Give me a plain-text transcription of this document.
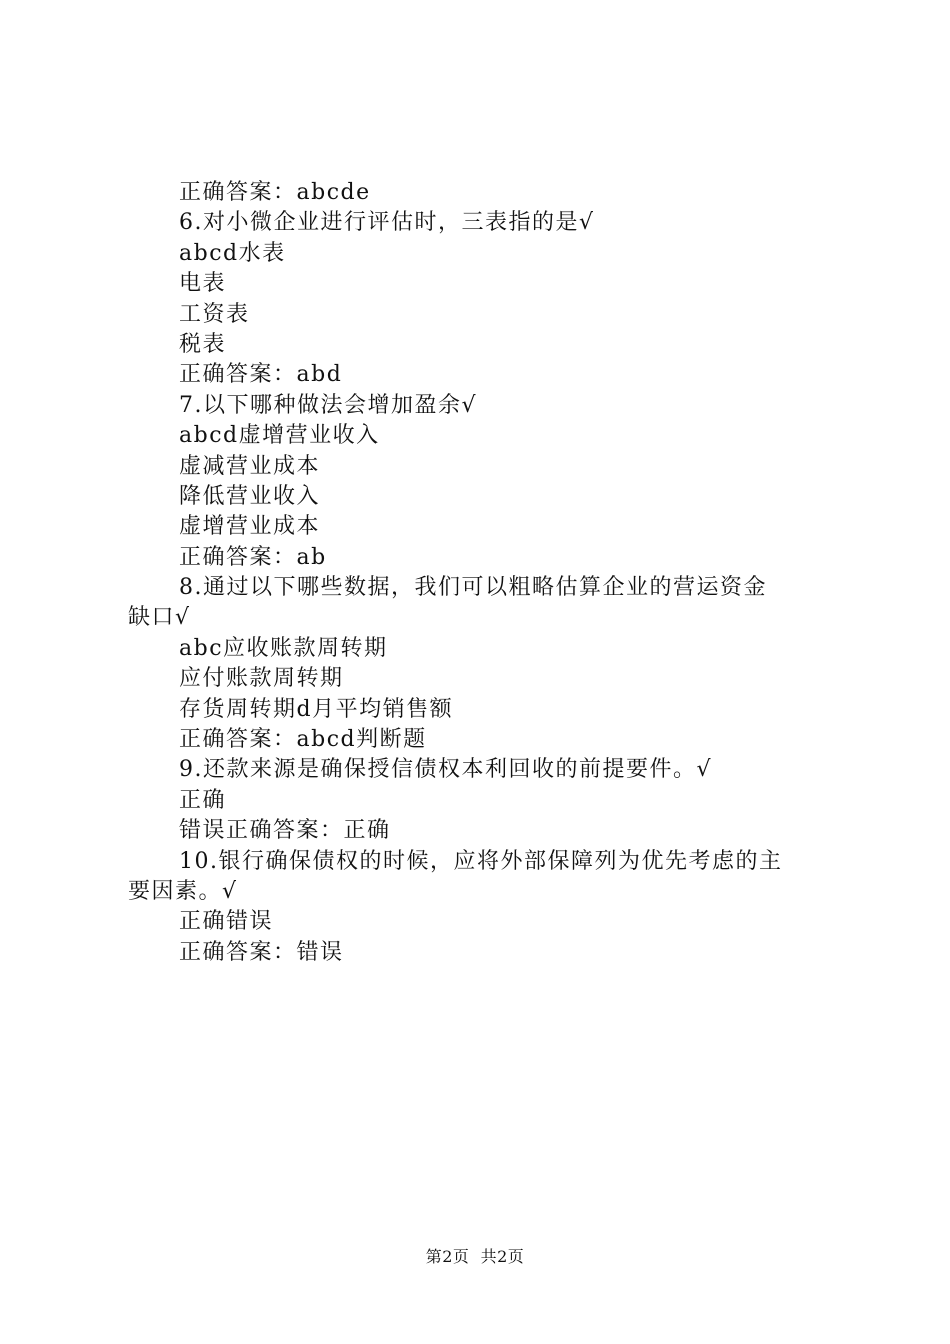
正确答案：abcde
6.对小微企业进行评估时，三表指的是√
abcd水表
电表
工资表
税表
正确答案：abd
7.以下哪种做法会增加盈余√
abcd虚增营业收入
虚减营业成本
降低营业收入
虚增营业成本
正确答案：ab
8.通过以下哪些数据，我们可以粗略估算企业的营运资金
缺口√
abc应收账款周转期
应付账款周转期
存货周转期d月平均销售额
正确答案：abcd判断题
9.还款来源是确保授信债权本利回收的前提要件。√
正确
错误正确答案：正确
10.银行确保债权的时候，应将外部保障列为优先考虑的主
要因素。√
正确错误
正确答案：错误
第2页 共2页
